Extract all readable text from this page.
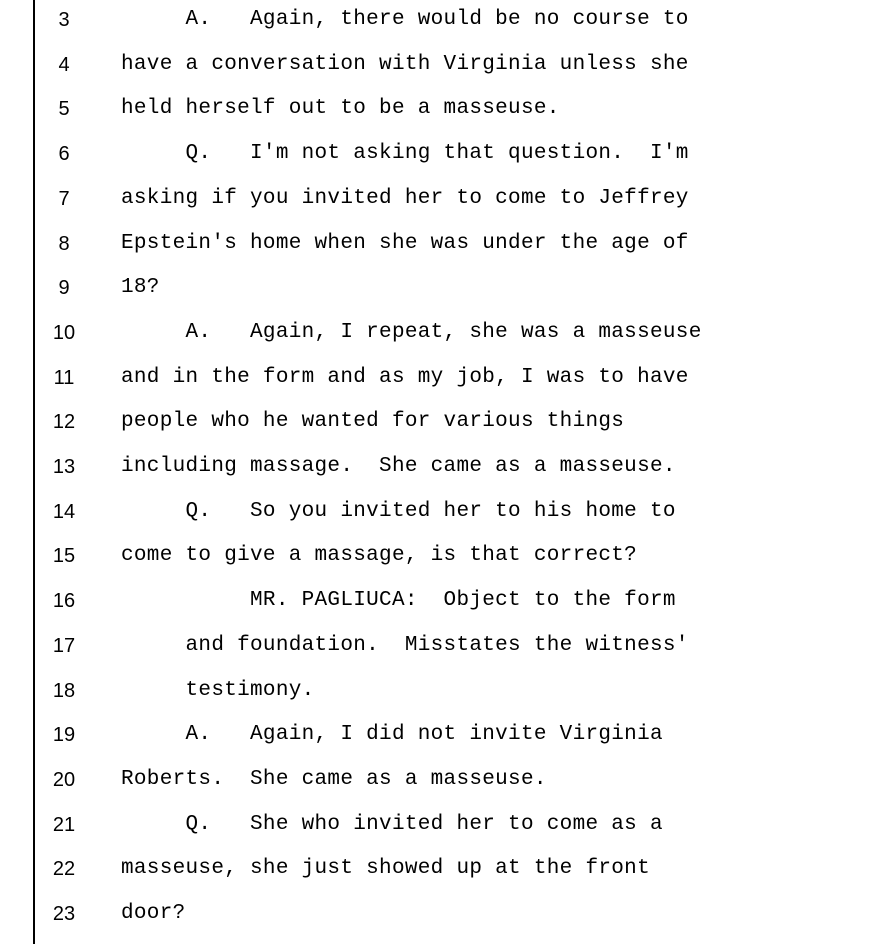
3	A.   Again, there would be no course to
4	have a conversation with Virginia unless she
5	held herself out to be a masseuse.
6	Q.   I'm not asking that question.  I'm
7	asking if you invited her to come to Jeffrey
8	Epstein's home when she was under the age of
9	18?
10 A.   Again, I repeat, she was a masseuse
11 and in the form and as my job, I was to have
12 people who he wanted for various things
13 including massage.  She came as a masseuse.
14 Q.   So you invited her to his home to
15 come to give a massage, is that correct?
16 MR. PAGLIUCA:  Object to the form
17 and foundation.  Misstates the witness'
18 testimony.
19 A.   Again, I did not invite Virginia
20 Roberts.  She came as a masseuse.
21 Q.   She who invited her to come as a
22 masseuse, she just showed up at the front
23 door?
